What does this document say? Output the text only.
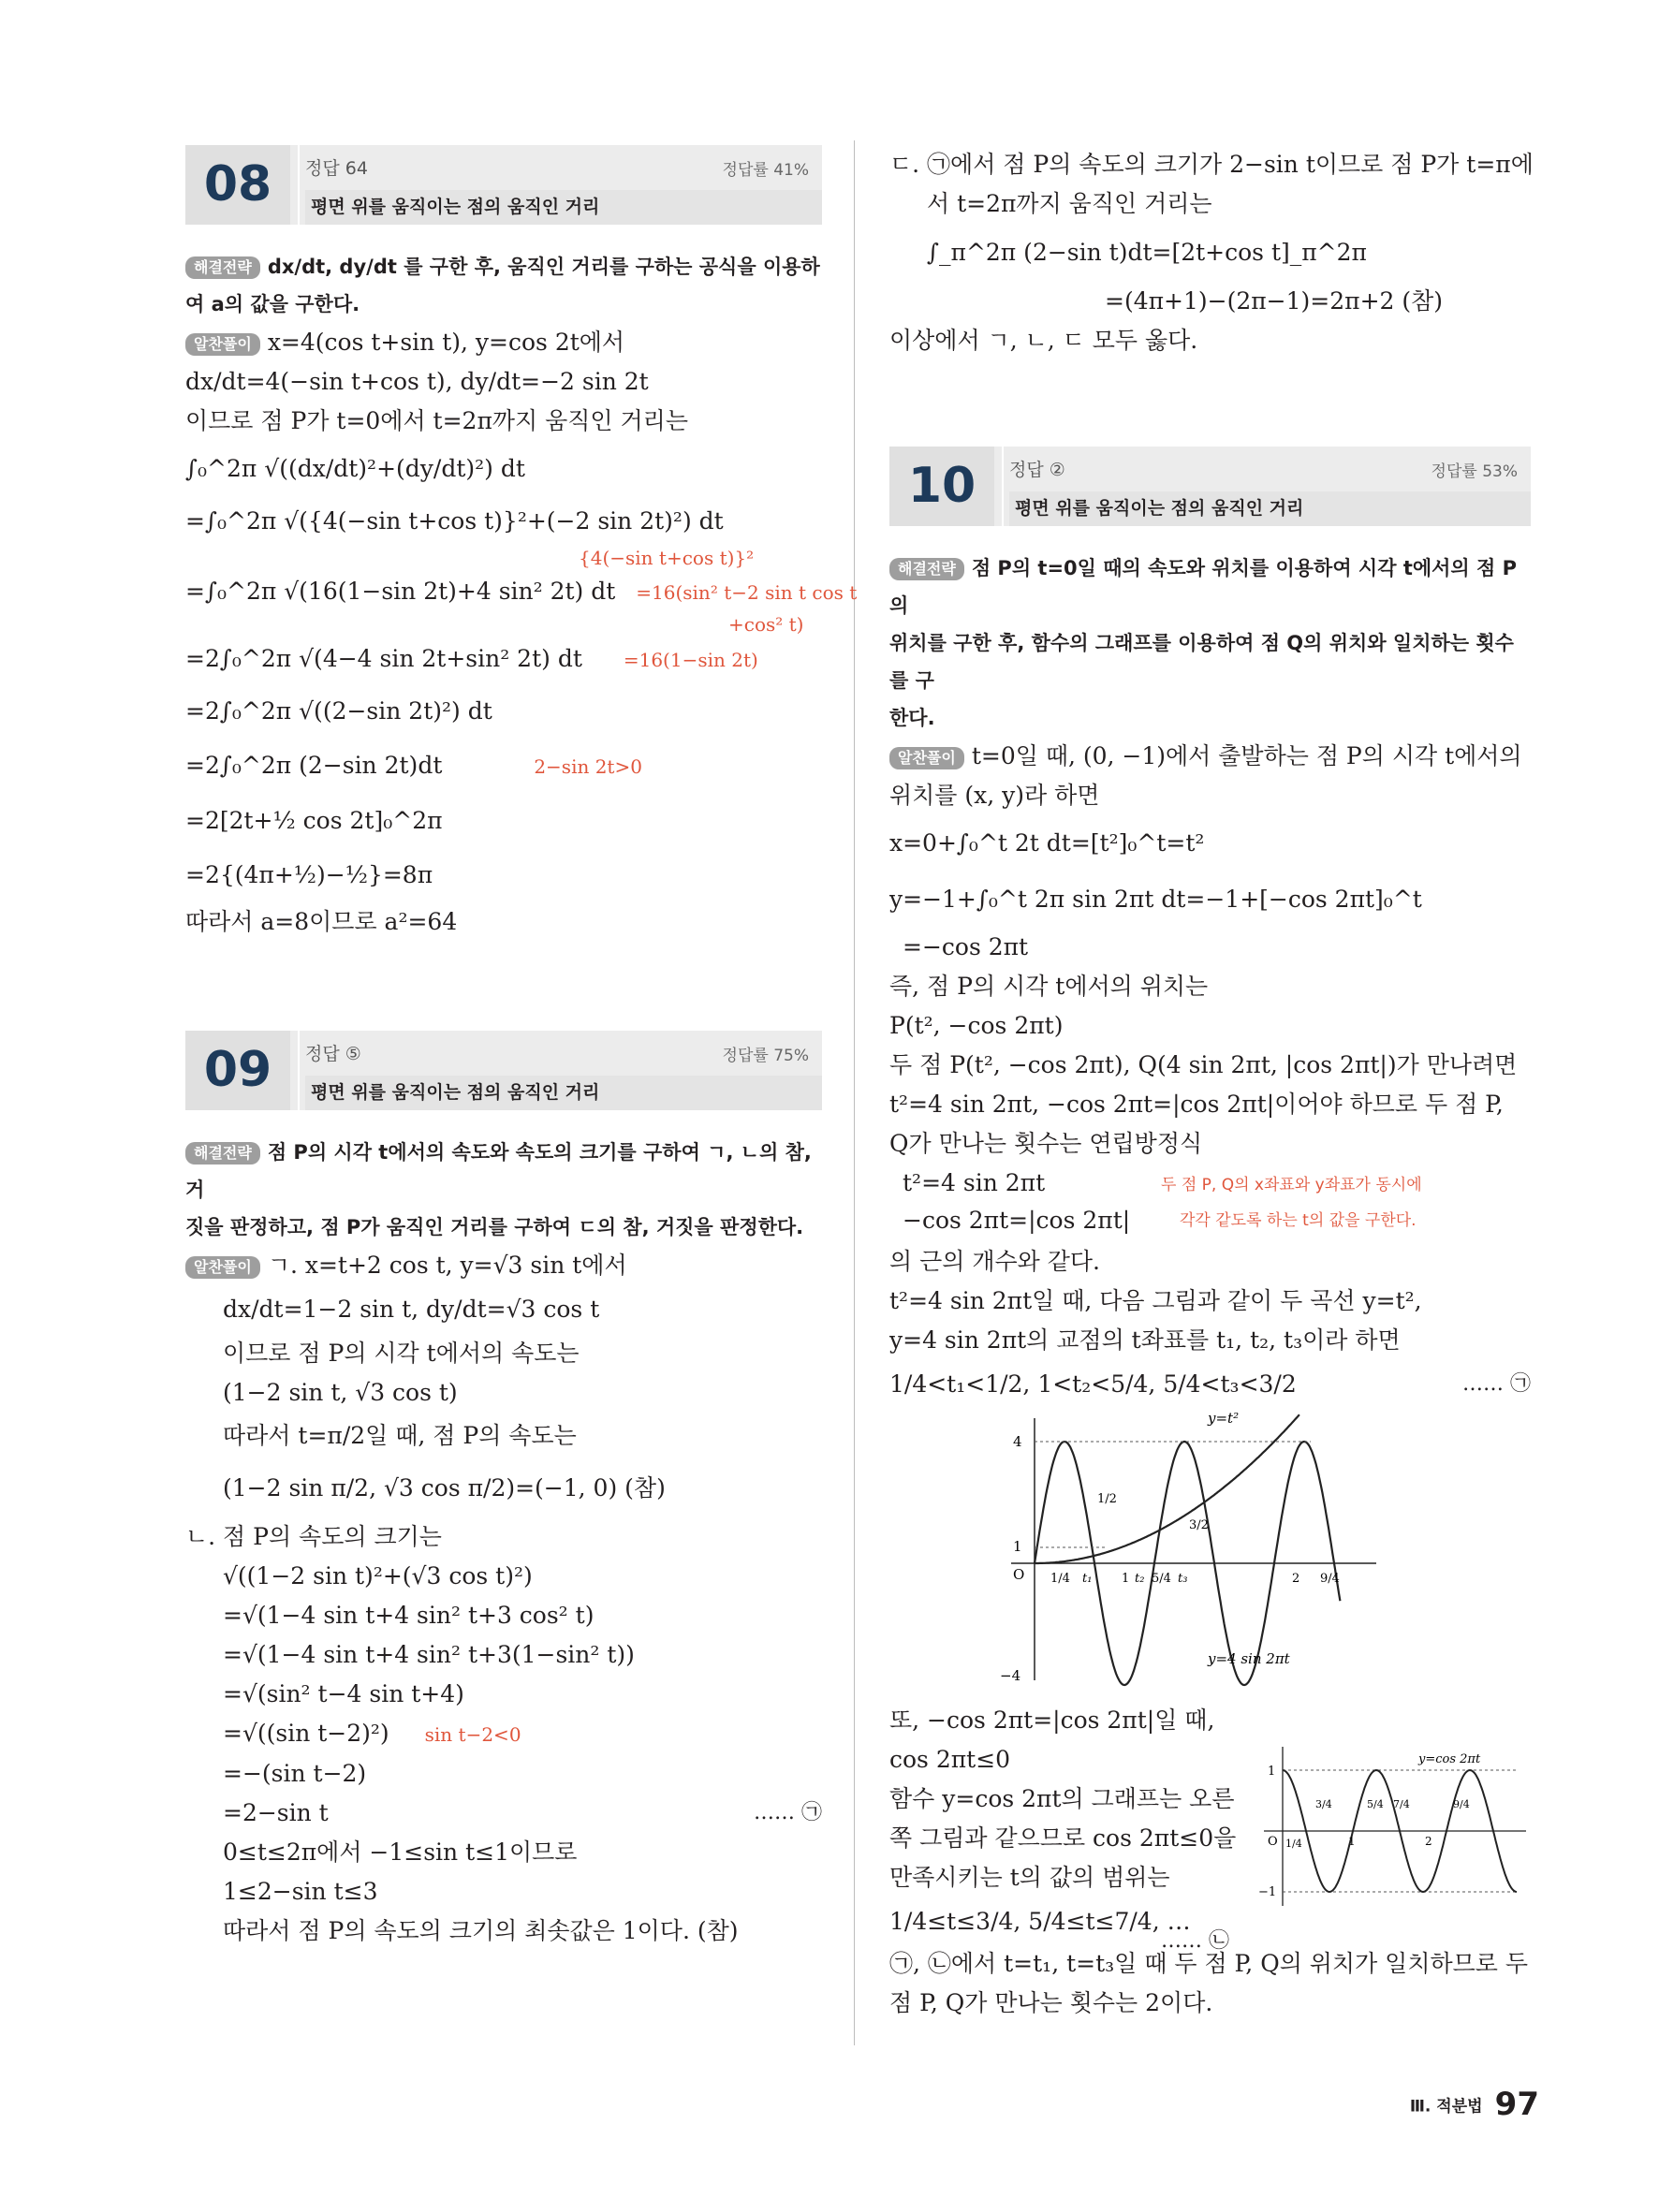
08	정답 64	정답률 41%
평면 위를 움직이는 점의 움직인 거리
해결전략 dx/dt, dy/dt 를 구한 후, 움직인 거리를 구하는 공식을 이용하여 a의 값을 구한다.
알찬풀이 x=4(cos t+sin t), y=cos 2t에서
dx/dt=4(−sin t+cos t), dy/dt=−2 sin 2t
이므로 점 P가 t=0에서 t=2π까지 움직인 거리는
∫₀^2π √((dx/dt)²+(dy/dt)²) dt
=∫₀^2π √({4(−sin t+cos t)}²+(−2 sin 2t)²) dt
{4(−sin t+cos t)}²
=∫₀^2π √(16(1−sin 2t)+4 sin² 2t) dt =16(sin² t−2 sin t cos t
+cos² t)
=2∫₀^2π √(4−4 sin 2t+sin² 2t) dt =16(1−sin 2t)
=2∫₀^2π √((2−sin 2t)²) dt
=2∫₀^2π (2−sin 2t)dt	2−sin 2t>0
=2[2t+½ cos 2t]₀^2π
=2{(4π+½)−½}=8π
따라서 a=8이므로 a²=64
09	정답 ⑤	정답률 75%
평면 위를 움직이는 점의 움직인 거리
해결전략 점 P의 시각 t에서의 속도와 속도의 크기를 구하여 ㄱ, ㄴ의 참, 거
짓을 판정하고, 점 P가 움직인 거리를 구하여 ㄷ의 참, 거짓을 판정한다.
알찬풀이 ㄱ. x=t+2 cos t, y=√3 sin t에서
dx/dt=1−2 sin t, dy/dt=√3 cos t
이므로 점 P의 시각 t에서의 속도는
(1−2 sin t, √3 cos t)
따라서 t=π/2일 때, 점 P의 속도는
(1−2 sin π/2, √3 cos π/2)=(−1, 0) (참)
ㄴ. 점 P의 속도의 크기는
√((1−2 sin t)²+(√3 cos t)²)
=√(1−4 sin t+4 sin² t+3 cos² t)
=√(1−4 sin t+4 sin² t+3(1−sin² t))
=√(sin² t−4 sin t+4)
=√((sin t−2)²) sin t−2<0
=−(sin t−2)
=2−sin t	…… ㉠
0≤t≤2π에서 −1≤sin t≤1이므로
1≤2−sin t≤3
따라서 점 P의 속도의 크기의 최솟값은 1이다. (참)
ㄷ. ㉠에서 점 P의 속도의 크기가 2−sin t이므로 점 P가 t=π에
서 t=2π까지 움직인 거리는
∫_π^2π (2−sin t)dt=[2t+cos t]_π^2π
=(4π+1)−(2π−1)=2π+2 (참)
이상에서 ㄱ, ㄴ, ㄷ 모두 옳다.
10	정답 ②	정답률 53%
평면 위를 움직이는 점의 움직인 거리
해결전략 점 P의 t=0일 때의 속도와 위치를 이용하여 시각 t에서의 점 P의
위치를 구한 후, 함수의 그래프를 이용하여 점 Q의 위치와 일치하는 횟수를 구
한다.
알찬풀이 t=0일 때, (0, −1)에서 출발하는 점 P의 시각 t에서의
위치를 (x, y)라 하면
x=0+∫₀^t 2t dt=[t²]₀^t=t²
y=−1+∫₀^t 2π sin 2πt dt=−1+[−cos 2πt]₀^t
=−cos 2πt
즉, 점 P의 시각 t에서의 위치는
P(t², −cos 2πt)
두 점 P(t², −cos 2πt), Q(4 sin 2πt, |cos 2πt|)가 만나려면
t²=4 sin 2πt, −cos 2πt=|cos 2πt|이어야 하므로 두 점 P,
Q가 만나는 횟수는 연립방정식
t²=4 sin 2πt
−cos 2πt=|cos 2πt|
두 점 P, Q의 x좌표와 y좌표가 동시에
각각 같도록 하는 t의 값을 구한다.
의 근의 개수와 같다.
t²=4 sin 2πt일 때, 다음 그림과 같이 두 곡선 y=t²,
y=4 sin 2πt의 교점의 t좌표를 t₁, t₂, t₃이라 하면
1/4<t₁<1/2, 1<t₂<5/4, 5/4<t₃<3/2	…… ㉠
4
1
O
−4
y=t²
y=4 sin 2πt
1/4 t₁
1/2
1 t₂ 5/4 t₃
3/2
2 9/4
또, −cos 2πt=|cos 2πt|일 때,
cos 2πt≤0
함수 y=cos 2πt의 그래프는 오른
쪽 그림과 같으므로 cos 2πt≤0을
만족시키는 t의 값의 범위는
1/4≤t≤3/4, 5/4≤t≤7/4, …
…… ㉡
1
O
−1
y=cos 2πt
1/4
3/4
1
5/4 7/4
2
9/4
㉠, ㉡에서 t=t₁, t=t₃일 때 두 점 P, Q의 위치가 일치하므로 두
점 P, Q가 만나는 횟수는 2이다.
Ⅲ. 적분법 97
